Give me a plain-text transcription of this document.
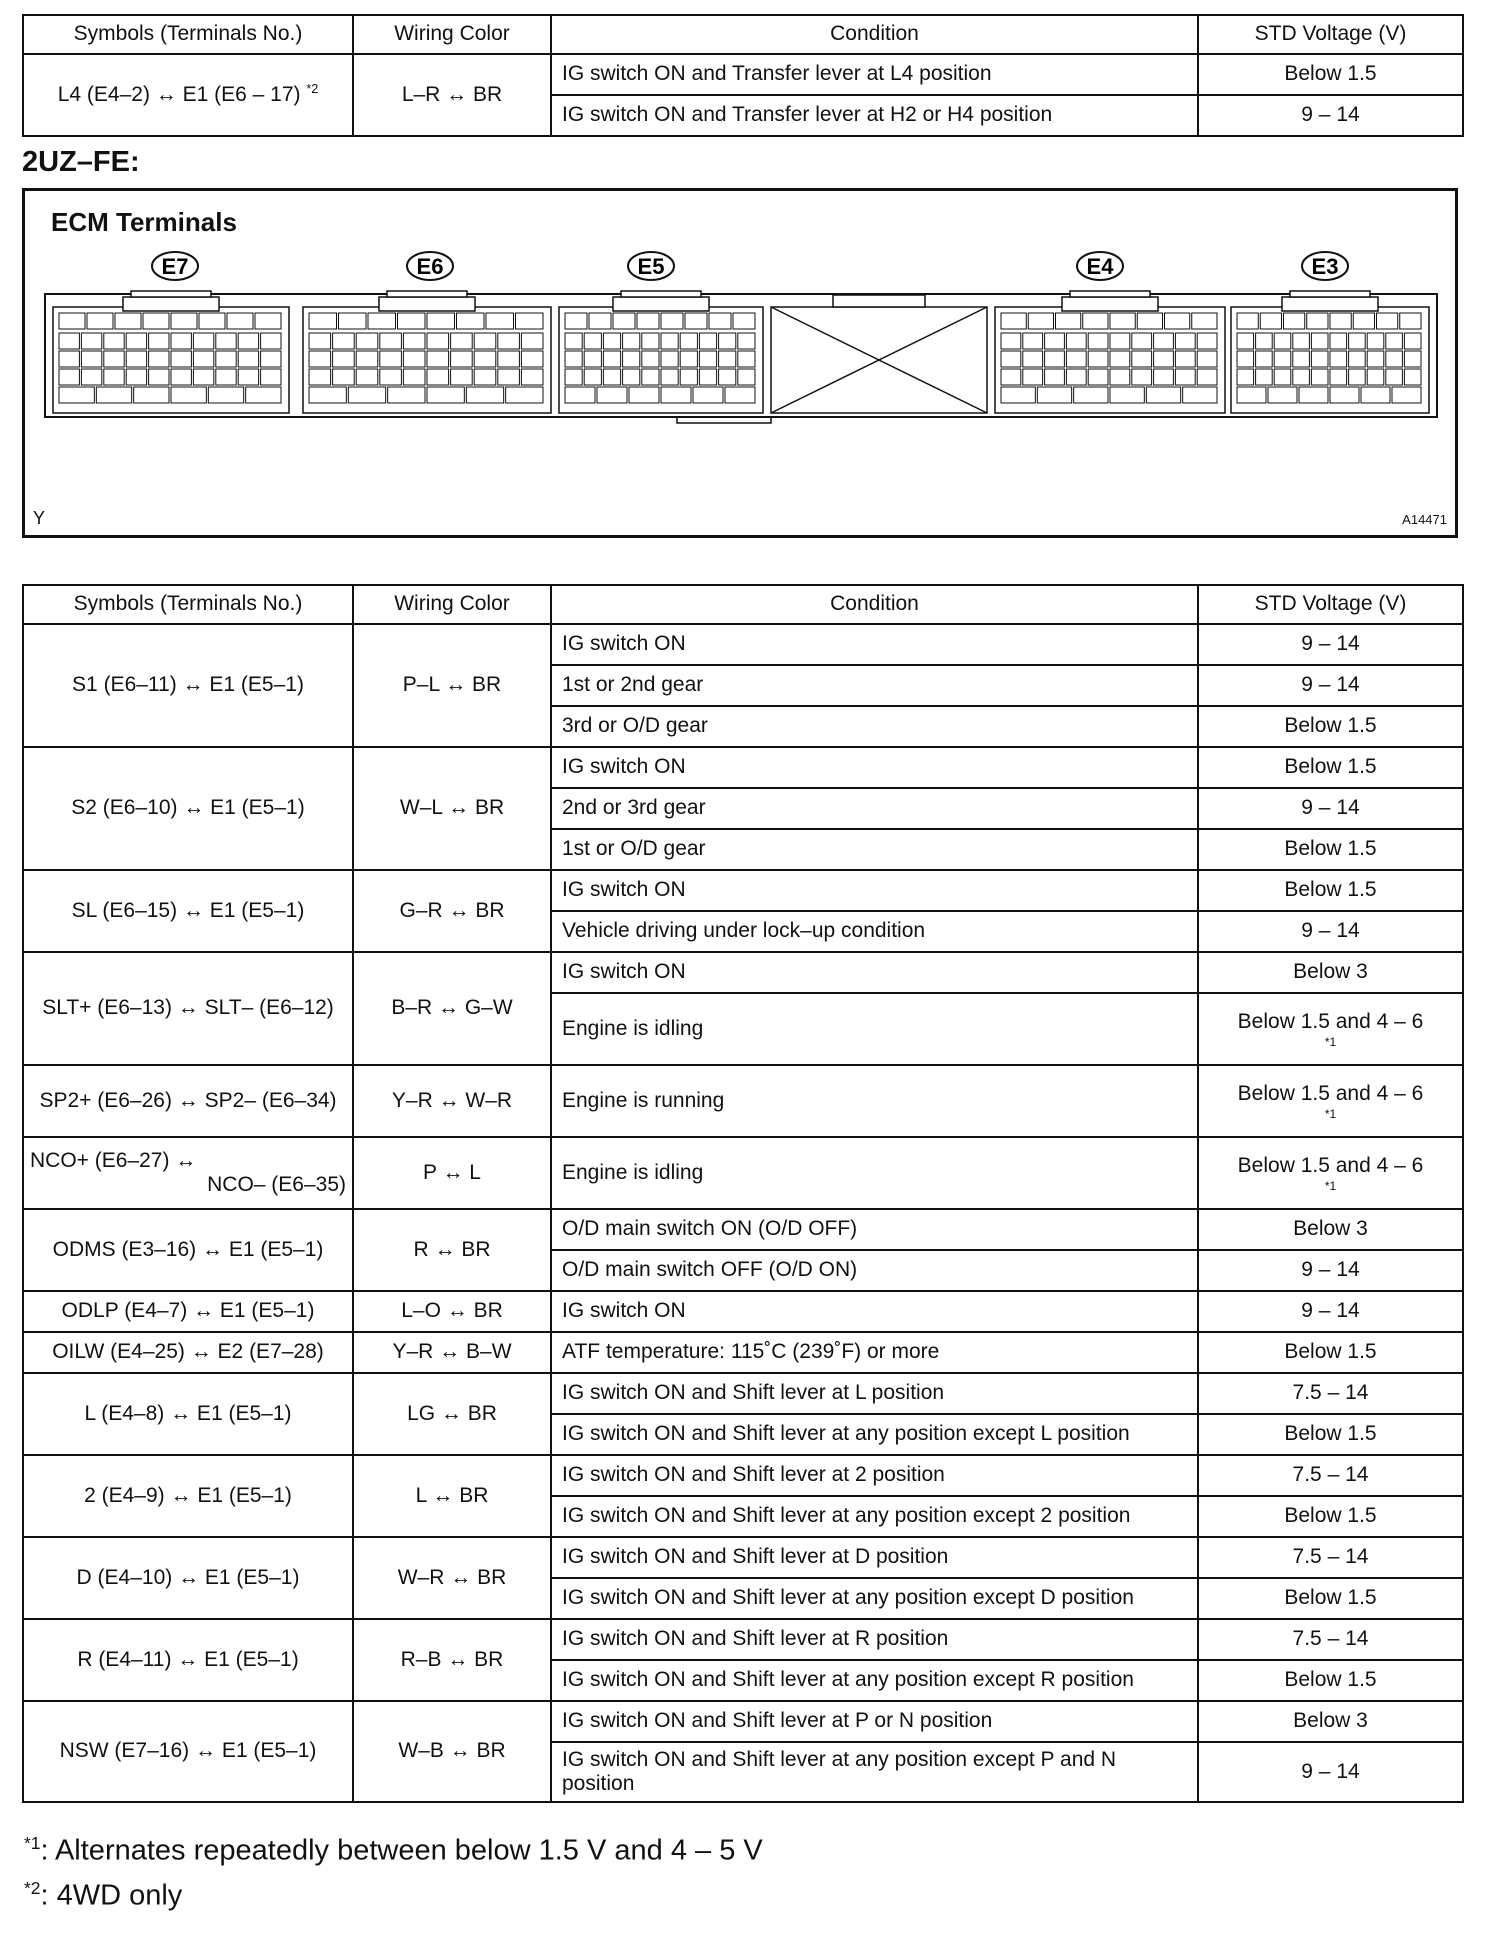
Symbols (Terminals No.)	Wiring Color	Condition	STD Voltage (V)
L4 (E4–2) ↔ E1 (E6 – 17) $^{*2}$	L–R ↔ BR	IG switch ON and Transfer lever at L4 position	Below 1.5
		IG switch ON and Transfer lever at H2 or H4 position	9 – 14
2UZ–FE:
E7	E6	E5	E4	E3
ECM Terminals
Y	A14471
Symbols (Terminals No.)	Wiring Color	Condition	STD Voltage (V)
S1 (E6–11) ↔ E1 (E5–1)	P–L ↔ BR	IG switch ON	9 – 14
		1st or 2nd gear	9 – 14
		3rd or O/D gear	Below 1.5
S2 (E6–10) ↔ E1 (E5–1)	W–L ↔ BR	IG switch ON	Below 1.5
		2nd or 3rd gear	9 – 14
		1st or O/D gear	Below 1.5
SL (E6–15) ↔ E1 (E5–1)	G–R ↔ BR	IG switch ON	Below 1.5
		Vehicle driving under lock–up condition	9 – 14
SLT+ (E6–13) ↔ SLT– (E6–12)	B–R ↔ G–W	IG switch ON	Below 3
		Engine is idling	Below 1.5 and 4 – 6
*1

SP2+ (E6–26) ↔ SP2– (E6–34)	Y–R ↔ W–R	Engine is running	Below 1.5 and 4 – 6
*1

NCO+ (E6–27) ↔
NCO– (E6–35)	P ↔ L	Engine is idling	Below 1.5 and 4 – 6
*1

ODMS (E3–16) ↔ E1 (E5–1)	R ↔ BR	O/D main switch ON (O/D OFF)	Below 3
		O/D main switch OFF (O/D ON)	9 – 14
ODLP (E4–7) ↔ E1 (E5–1)	L–O ↔ BR	IG switch ON	9 – 14
OILW (E4–25) ↔ E2 (E7–28)	Y–R ↔ B–W	ATF temperature: 115˚C (239˚F) or more	Below 1.5
L (E4–8) ↔ E1 (E5–1)	LG ↔ BR	IG switch ON and Shift lever at L position	7.5 – 14
		IG switch ON and Shift lever at any position except L position	Below 1.5
2 (E4–9) ↔ E1 (E5–1)	L ↔ BR	IG switch ON and Shift lever at 2 position	7.5 – 14
		IG switch ON and Shift lever at any position except 2 position	Below 1.5
D (E4–10) ↔ E1 (E5–1)	W–R ↔ BR	IG switch ON and Shift lever at D position	7.5 – 14
		IG switch ON and Shift lever at any position except D position	Below 1.5
R (E4–11) ↔ E1 (E5–1)	R–B ↔ BR	IG switch ON and Shift lever at R position	7.5 – 14
		IG switch ON and Shift lever at any position except R position	Below 1.5
NSW (E7–16) ↔ E1 (E5–1)	W–B ↔ BR	IG switch ON and Shift lever at P or N position	Below 3
		IG switch ON and Shift lever at any position except P and N position	9 – 14
$^{*1}$: Alternates repeatedly between below 1.5 V and 4 – 5 V
$^{*2}$: 4WD only
